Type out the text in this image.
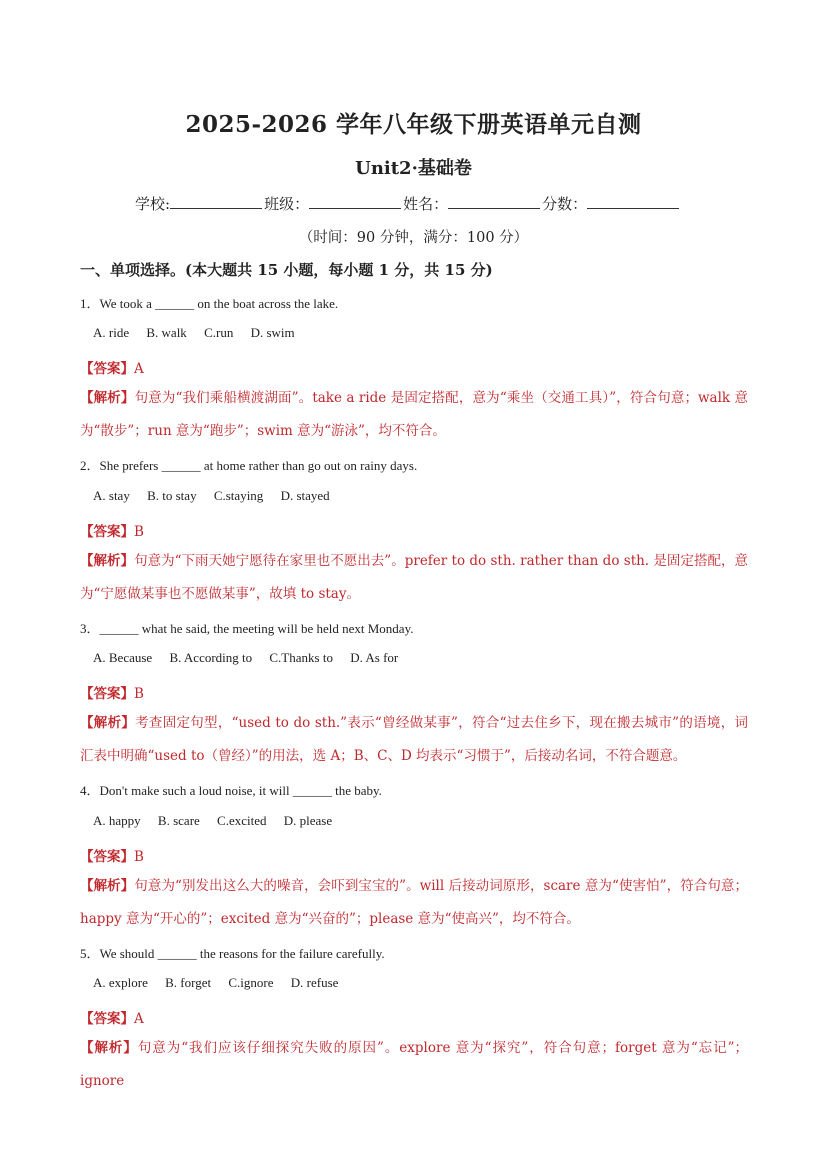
2025-2026 学年八年级下册英语单元自测
Unit2·基础卷
学校:	班级：	姓名：	分数：
（时间：90 分钟，满分：100 分）
一、单项选择。(本大题共 15 小题，每小题 1 分，共 15 分)
1．We took a ______ on the boat across the lake.
A. ride B. walk C.run D. swim
【答案】A
【解析】句意为“我们乘船横渡湖面”。take a ride 是固定搭配，意为“乘坐（交通工具）”，符合句意；walk 意为“散步”；run 意为“跑步”；swim 意为“游泳”，均不符合。
2．She prefers ______ at home rather than go out on rainy days.
A. stay B. to stay C.staying D. stayed
【答案】B
【解析】句意为“下雨天她宁愿待在家里也不愿出去”。prefer to do sth. rather than do sth. 是固定搭配，意为“宁愿做某事也不愿做某事”，故填 to stay。
3．______ what he said, the meeting will be held next Monday.
A. Because B. According to C.Thanks to D. As for
【答案】B
【解析】考查固定句型，“used to do sth.”表示“曾经做某事”，符合“过去住乡下，现在搬去城市”的语境，词汇表中明确“used to（曾经）”的用法，选 A；B、C、D 均表示“习惯于”，后接动名词，不符合题意。
4．Don't make such a loud noise, it will ______ the baby.
A. happy B. scare C.excited D. please
【答案】B
【解析】句意为“别发出这么大的噪音，会吓到宝宝的”。will 后接动词原形，scare 意为“使害怕”，符合句意；happy 意为“开心的”；excited 意为“兴奋的”；please 意为“使高兴”，均不符合。
5．We should ______ the reasons for the failure carefully.
A. explore B. forget C.ignore D. refuse
【答案】A
【解析】句意为“我们应该仔细探究失败的原因”。explore 意为“探究”，符合句意；forget 意为“忘记”；ignore
